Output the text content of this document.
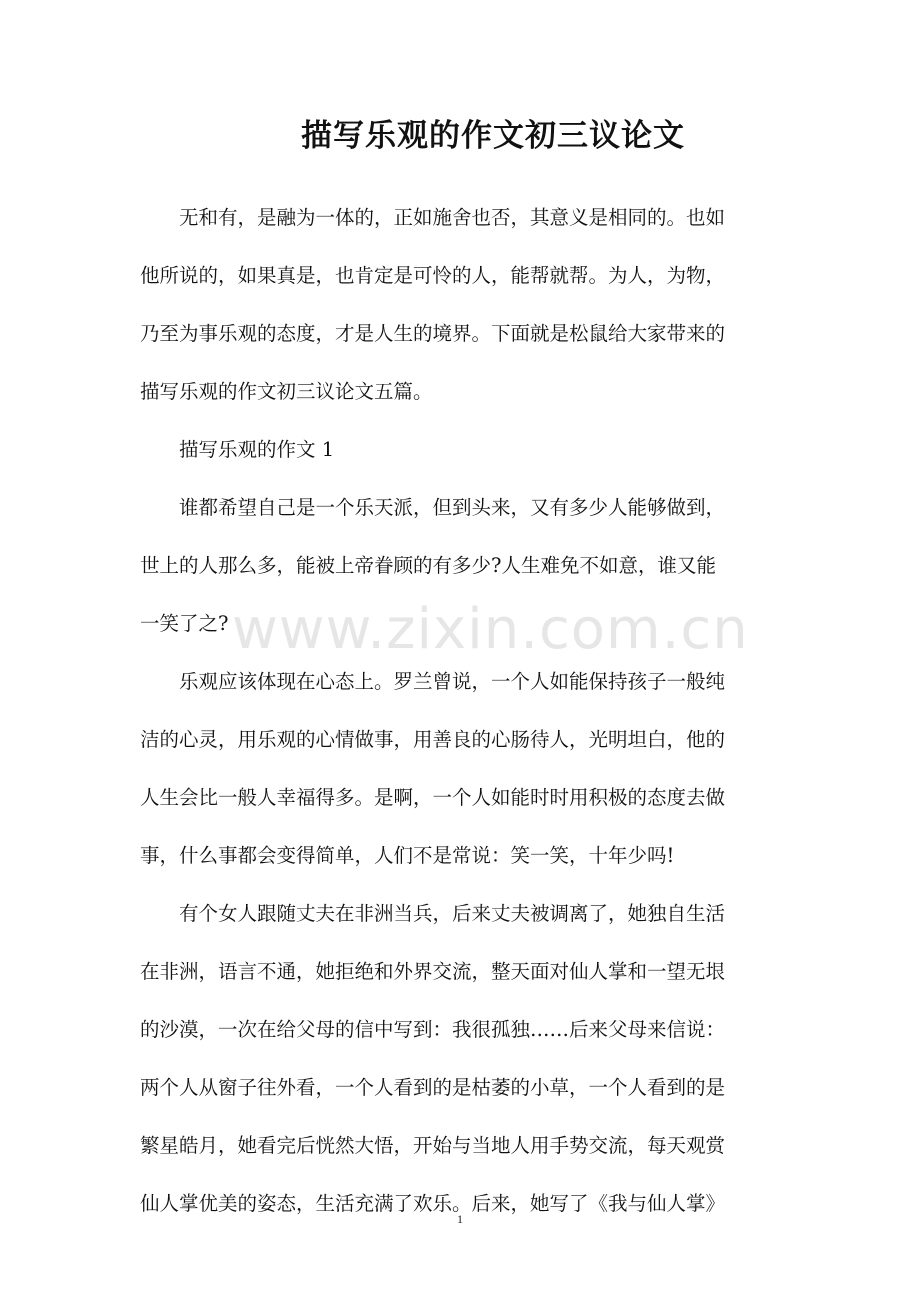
描写乐观的作文初三议论文

无和有，是融为一体的，正如施舍也否，其意义是相同的。也如
他所说的，如果真是，也肯定是可怜的人，能帮就帮。为人，为物，
乃至为事乐观的态度，才是人生的境界。下面就是松鼠给大家带来的
描写乐观的作文初三议论文五篇。

描写乐观的作文 1

谁都希望自己是一个乐天派，但到头来，又有多少人能够做到，
世上的人那么多，能被上帝眷顾的有多少?人生难免不如意，谁又能
一笑了之?

乐观应该体现在心态上。罗兰曾说，一个人如能保持孩子一般纯
洁的心灵，用乐观的心情做事，用善良的心肠待人，光明坦白，他的
人生会比一般人幸福得多。是啊，一个人如能时时用积极的态度去做
事，什么事都会变得简单，人们不是常说：笑一笑，十年少吗!

有个女人跟随丈夫在非洲当兵，后来丈夫被调离了，她独自生活
在非洲，语言不通，她拒绝和外界交流，整天面对仙人掌和一望无垠
的沙漠，一次在给父母的信中写到：我很孤独……后来父母来信说：
两个人从窗子往外看，一个人看到的是枯萎的小草，一个人看到的是
繁星皓月，她看完后恍然大悟，开始与当地人用手势交流，每天观赏
仙人掌优美的姿态，生活充满了欢乐。后来，她写了《我与仙人掌》

www.zixin.com.cn
1
